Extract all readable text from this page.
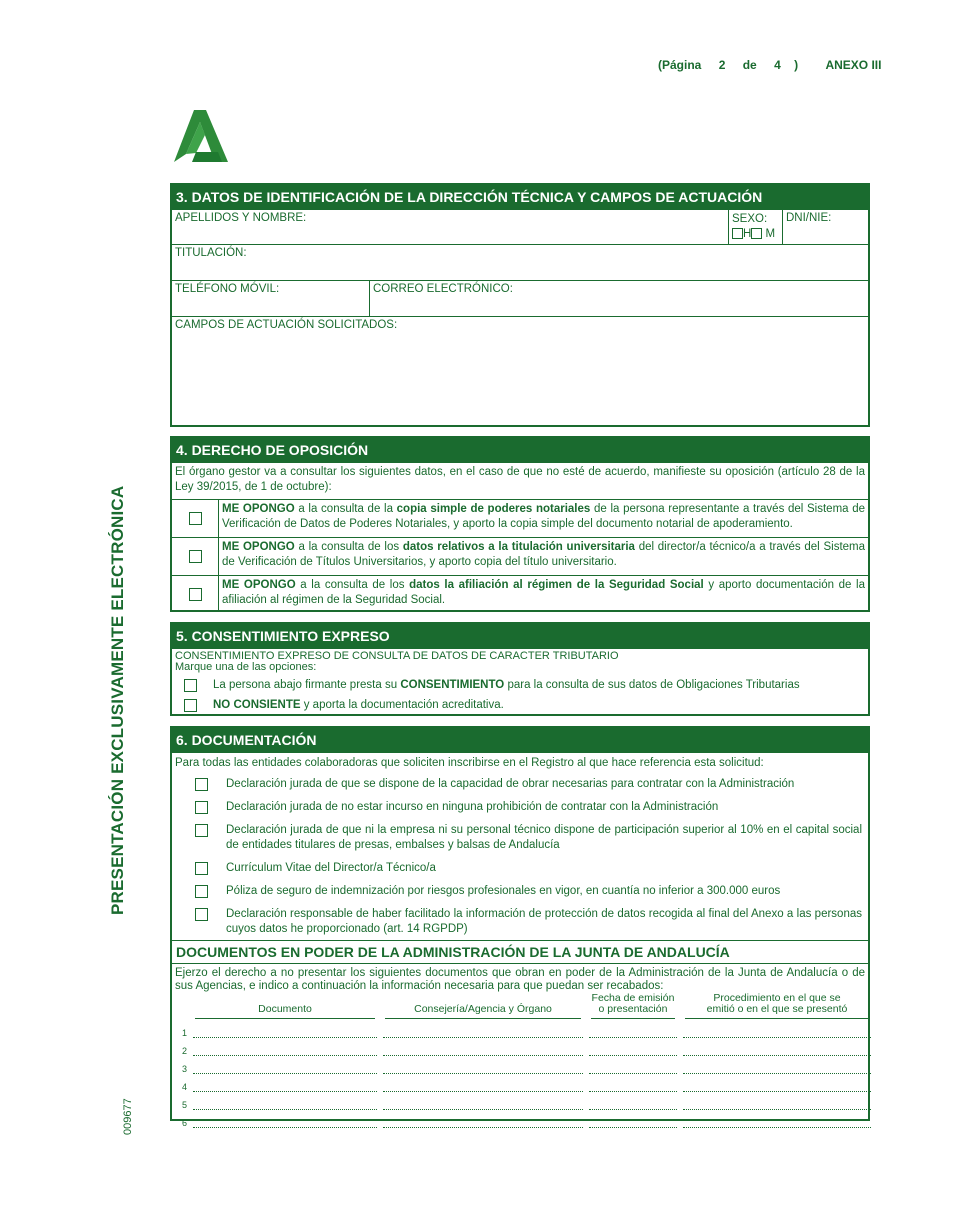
(Página 2 de 4 ) ANEXO III
PRESENTACIÓN EXCLUSIVAMENTE ELECTRÓNICA
009677
3. DATOS DE IDENTIFICACIÓN DE LA DIRECCIÓN TÉCNICA Y CAMPOS DE ACTUACIÓN
APELLIDOS Y NOMBRE:	SEXO:
H M
DNI/NIE:
TITULACIÓN:
TELÉFONO MÓVIL:	CORREO ELECTRÓNICO:
CAMPOS DE ACTUACIÓN SOLICITADOS:
4. DERECHO DE OPOSICIÓN

El órgano gestor va a consultar los siguientes datos, en el caso de que no esté de acuerdo, manifieste su oposición (artículo 28 de la Ley 39/2015, de 1 de octubre):

ME OPONGO a la consulta de la copia simple de poderes notariales de la persona representante a través del Sistema de Verificación de Datos de Poderes Notariales, y aporto la copia simple del documento notarial de apoderamiento.

ME OPONGO a la consulta de los datos relativos a la titulación universitaria del director/a técnico/a a través del Sistema de Verificación de Títulos Universitarios, y aporto copia del título universitario.

ME OPONGO a la consulta de los datos la afiliación al régimen de la Seguridad Social y aporto documentación de la afiliación al régimen de la Seguridad Social.

5. CONSENTIMIENTO EXPRESO
CONSENTIMIENTO EXPRESO DE CONSULTA DE DATOS DE CARACTER TRIBUTARIO
Marque una de las opciones:
La persona abajo firmante presta su CONSENTIMIENTO para la consulta de sus datos de Obligaciones Tributarias
NO CONSIENTE y aporta la documentación acreditativa.
6. DOCUMENTACIÓN

Para todas las entidades colaboradoras que soliciten inscribirse en el Registro al que hace referencia esta solicitud:

Declaración jurada de que se dispone de la capacidad de obrar necesarias para contratar con la Administración

Declaración jurada de no estar incurso en ninguna prohibición de contratar con la Administración

Declaración jurada de que ni la empresa ni su personal técnico dispone de participación superior al 10% en el capital social de entidades titulares de presas, embalses y balsas de Andalucía

Currículum Vitae del Director/a Técnico/a

Póliza de seguro de indemnización por riesgos profesionales en vigor, en cuantía no inferior a 300.000 euros

Declaración responsable de haber facilitado la información de protección de datos recogida al final del Anexo a las personas cuyos datos he proporcionado (art. 14 RGPDP)

DOCUMENTOS EN PODER DE LA ADMINISTRACIÓN DE LA JUNTA DE ANDALUCÍA

Ejerzo el derecho a no presentar los siguientes documentos que obran en poder de la Administración de la Junta de Andalucía o de sus Agencias, e indico a continuación la información necesaria para que puedan ser recabados:

	Documento		Consejería/Agencia y Órgano		Fecha de emisión
o presentación		Procedimiento en el que se
emitió o en el que se presentó

1							
2							
3							
4							
5							
6							
